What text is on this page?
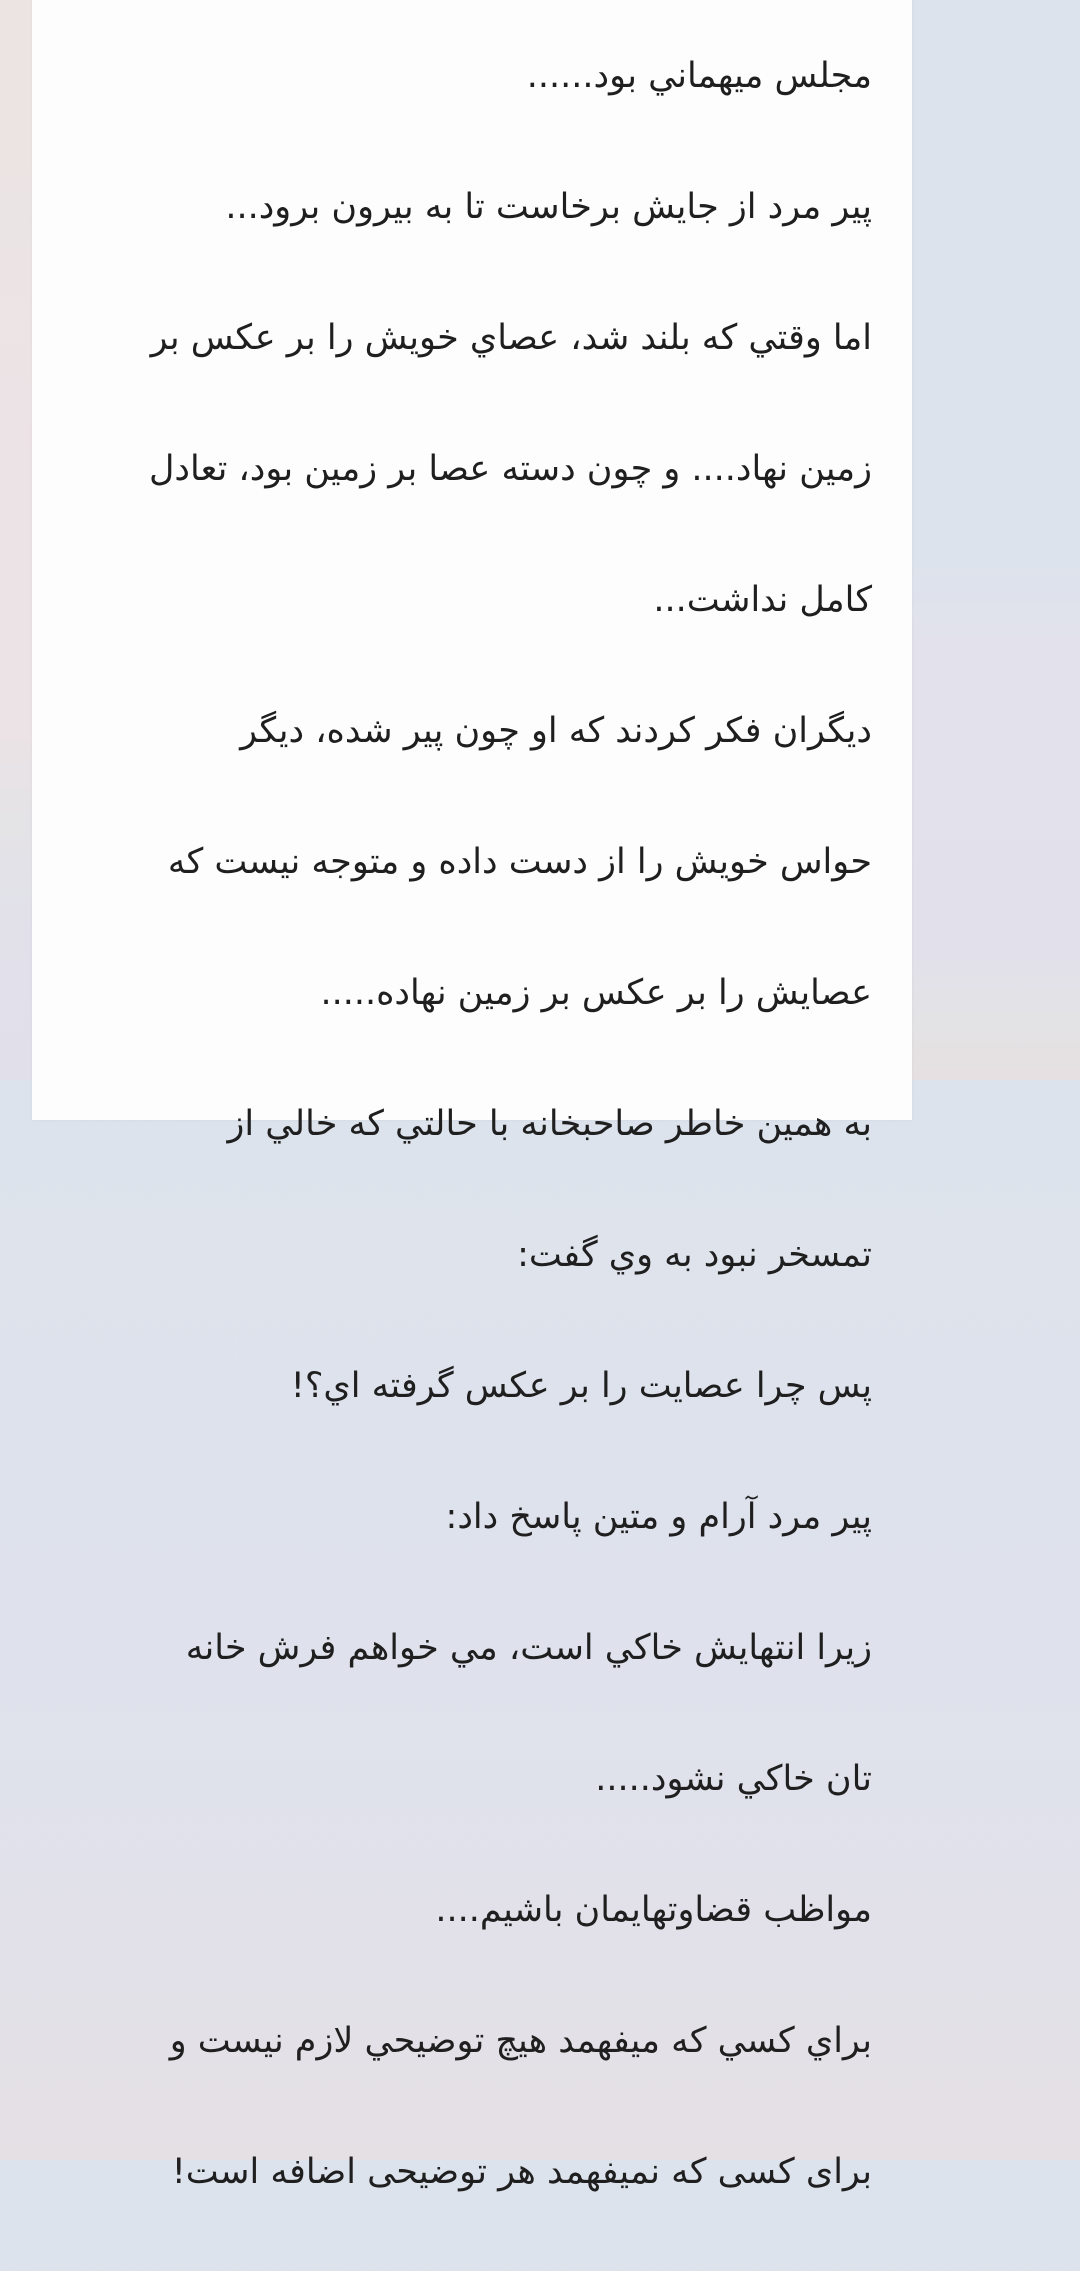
مجلس میهماني بود......

پير مرد از جايش برخاست تا به بيرون برود...

اما وقتي كه بلند شد، عصاي خويش را بر عكس بر

زمين نهاد.... و چون دسته عصا بر زمين بود، تعادل

كامل نداشت...

ديگران فكر كردند كه او چون پير شده، ديگر

حواس خويش را از دست داده و متوجه نيست كه

عصايش را بر عكس بر زمين نهاده.....

به همين خاطر صاحبخانه با حالتي كه خالي از

تمسخر نبود به وي گفت:

پس چرا عصايت را بر عكس گرفته اي؟!

پير مرد آرام و متين پاسخ داد:

زيرا انتهايش خاكي است، مي خواهم فرش خانه

تان خاكي نشود.....

مواظب قضاوتهايمان باشيم....

براي كسي كه ميفهمد هيچ توضيحي لازم نيست و

برای کسی که نمیفهمد هر توضیحی اضافه است!
